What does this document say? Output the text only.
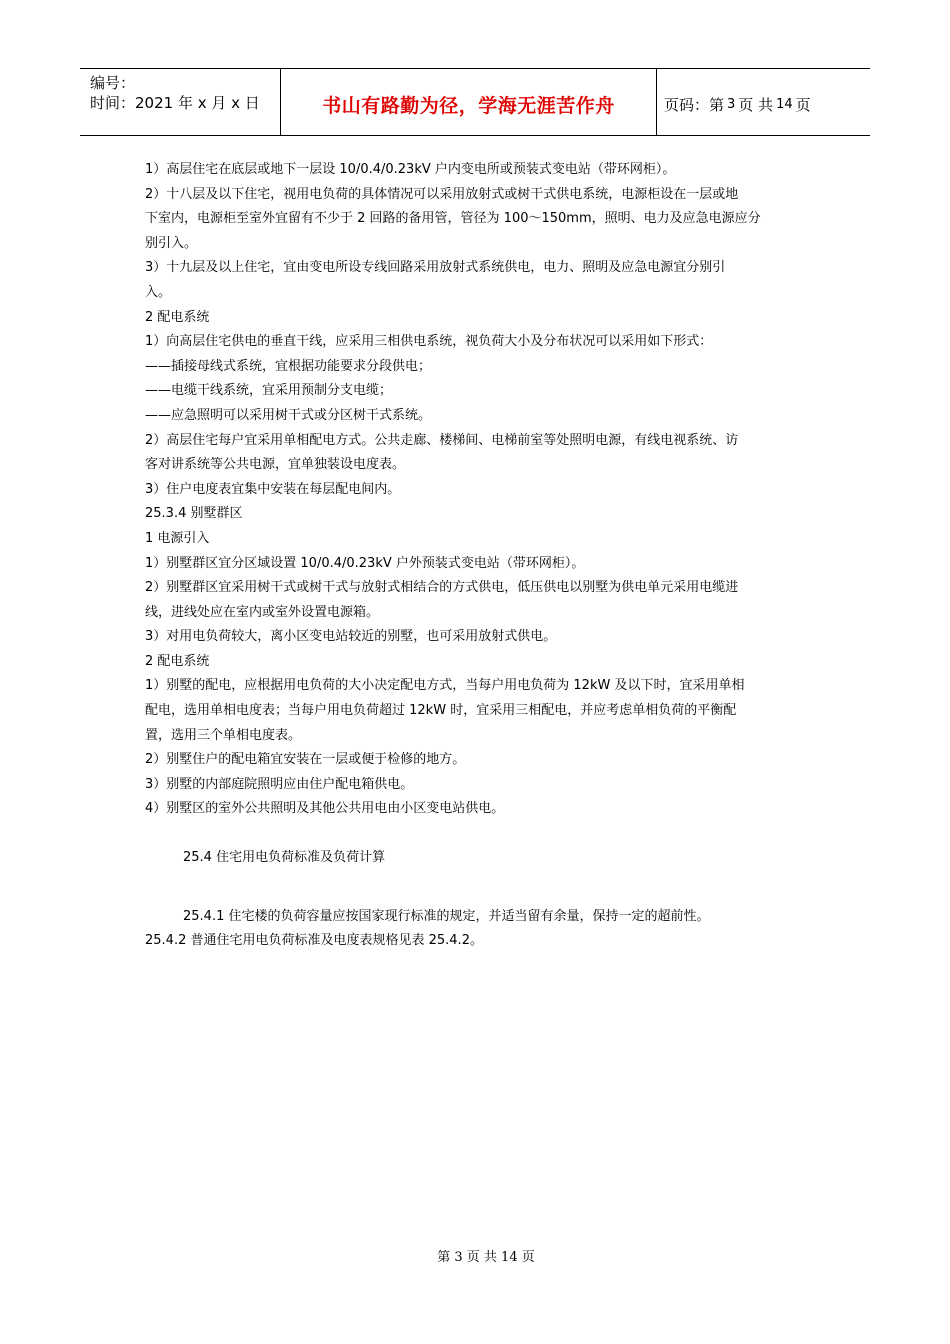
编号：
时间：2021 年 x 月 x 日	书山有路勤为径，学海无涯苦作舟	页码：第 3 页 共 14 页

1）高层住宅在底层或地下一层设 10/0.4/0.23kV 户内变电所或预装式变电站（带环网柜）。

2）十八层及以下住宅，视用电负荷的具体情况可以采用放射式或树干式供电系统，电源柜设在一层或地

下室内，电源柜至室外宜留有不少于 2 回路的备用管，管径为 100～150mm，照明、电力及应急电源应分

别引入。

3）十九层及以上住宅，宜由变电所设专线回路采用放射式系统供电，电力、照明及应急电源宜分别引

入。

2 配电系统

1）向高层住宅供电的垂直干线，应采用三相供电系统，视负荷大小及分布状况可以采用如下形式：

——插接母线式系统，宜根据功能要求分段供电；

——电缆干线系统，宜采用预制分支电缆；

——应急照明可以采用树干式或分区树干式系统。

2）高层住宅每户宜采用单相配电方式。公共走廊、楼梯间、电梯前室等处照明电源，有线电视系统、访

客对讲系统等公共电源，宜单独装设电度表。

3）住户电度表宜集中安装在每层配电间内。

25.3.4 别墅群区

1 电源引入

1）别墅群区宜分区域设置 10/0.4/0.23kV 户外预装式变电站（带环网柜）。

2）别墅群区宜采用树干式或树干式与放射式相结合的方式供电，低压供电以别墅为供电单元采用电缆进

线，进线处应在室内或室外设置电源箱。

3）对用电负荷较大，离小区变电站较近的别墅，也可采用放射式供电。

2 配电系统

1）别墅的配电，应根据用电负荷的大小决定配电方式，当每户用电负荷为 12kW 及以下时，宜采用单相

配电，选用单相电度表；当每户用电负荷超过 12kW 时，宜采用三相配电，并应考虑单相负荷的平衡配

置，选用三个单相电度表。

2）别墅住户的配电箱宜安装在一层或便于检修的地方。

3）别墅的内部庭院照明应由住户配电箱供电。

4）别墅区的室外公共照明及其他公共用电由小区变电站供电。

25.4 住宅用电负荷标准及负荷计算

25.4.1 住宅楼的负荷容量应按国家现行标准的规定，并适当留有余量，保持一定的超前性。

25.4.2 普通住宅用电负荷标准及电度表规格见表 25.4.2。

第 3 页 共 14 页
